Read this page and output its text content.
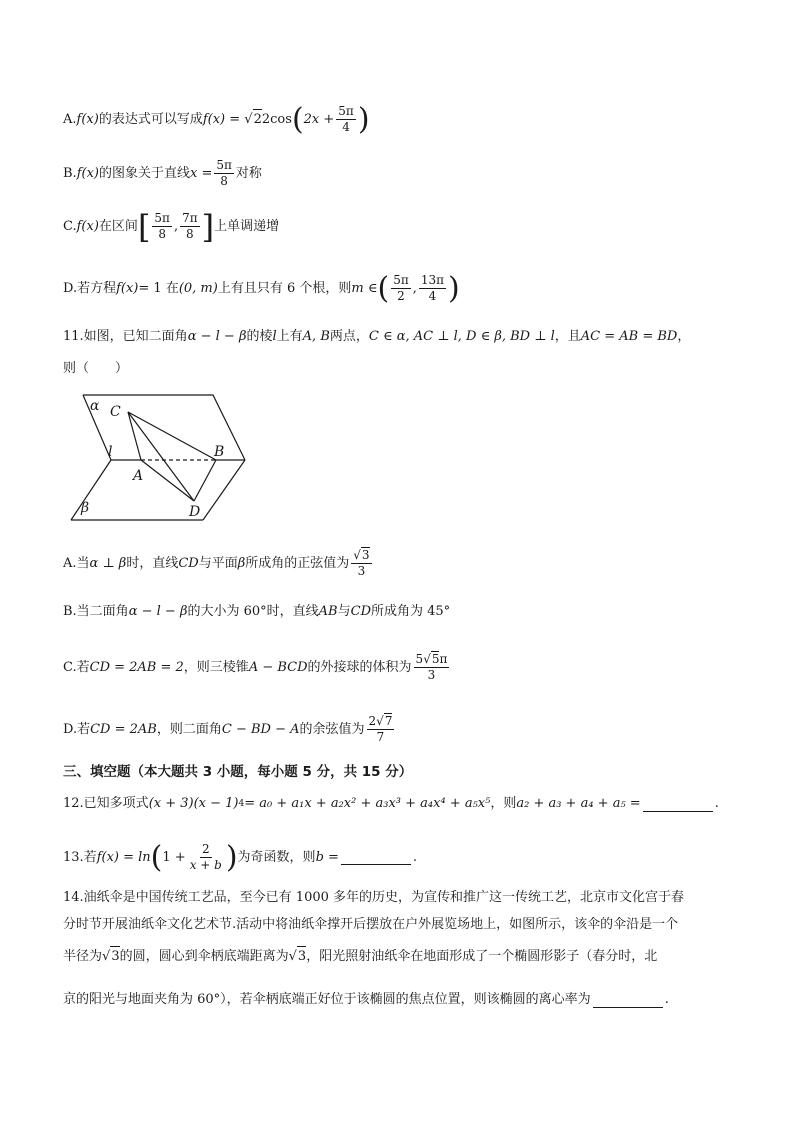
A. f(x) 的表达式可以写成 f(x) = √ 2 2cos ( $2x + \frac{5\pi}{4}$ )
B. f(x) 的图象关于直线 $x = \frac{5\pi}{8}$ 对称
C. f(x) 在区间 [ $\frac{5\pi}{8}$ , $\frac{7\pi}{8}$ ] 上单调递增
D.若方程 f(x) = 1 在 (0, m) 上有且只有 6 个根，则 m ∈ ( $\frac{5\pi}{2}$ , $\frac{13\pi}{4}$ )
11.如图，已知二面角 α − l − β 的棱 l 上有 A, B 两点， C ∈ α, AC ⊥ l, D ∈ β, BD ⊥ l ，且 AC = AB = BD ，
则（　　）
α C
l
A
B
D
β
A.当 α ⊥ β 时，直线 CD 与平面 β 所成角的正弦值为 $\frac{√3}{3}$
B.当二面角 α − l − β 的大小为 60°时，直线 AB 与 CD 所成角为 45°
C.若 CD = 2AB = 2 ，则三棱锥 A − BCD 的外接球的体积为 $\frac{5√5\pi}{3}$
D.若 CD = 2AB ，则二面角 C − BD − A 的余弦值为 $\frac{2√7}{7}$
三、填空题（本大题共 3 小题，每小题 5 分，共 15 分）
12.已知多项式 (x + 3)(x − 1) 4 = a₀ + a₁x + a₂x² + a₃x³ + a₄x⁴ + a₅x⁵ ，则 a₂ + a₃ + a₄ + a₅ =	.
13.若 f(x) = ln ( $1 + \frac{2}{x + b}$ ) 为奇函数，则 b =	.
14.油纸伞是中国传统工艺品，至今已有 1000 多年的历史，为宣传和推广这一传统工艺，北京市文化宫于春
分时节开展油纸伞文化艺术节.活动中将油纸伞撑开后摆放在户外展览场地上，如图所示，该伞的伞沿是一个
半径为 √ 3 的圆，圆心到伞柄底端距离为 √ 3 ，阳光照射油纸伞在地面形成了一个椭圆形影子（春分时，北
京的阳光与地面夹角为 60°），若伞柄底端正好位于该椭圆的焦点位置，则该椭圆的离心率为	.
